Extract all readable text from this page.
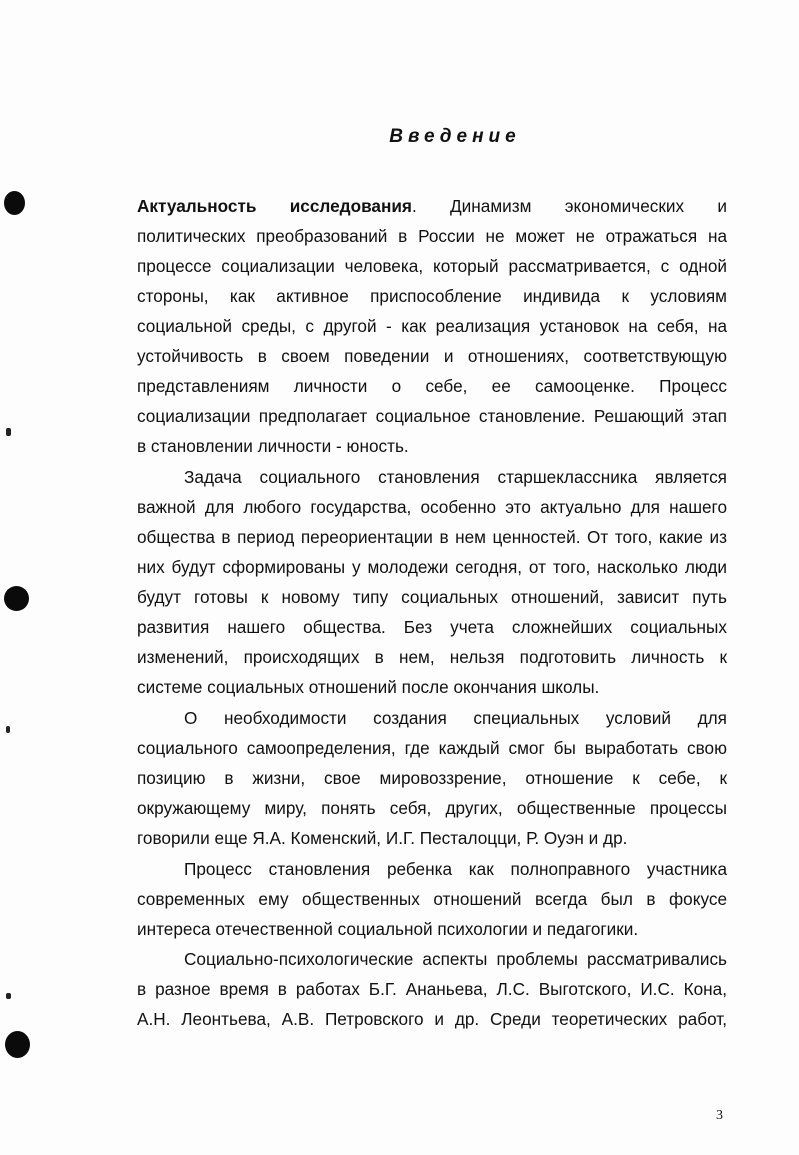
Введение
Актуальность исследования. Динамизм экономических и
политических преобразований в России не может не отражаться на
процессе социализации человека, который рассматривается, с одной
стороны, как активное приспособление индивида к условиям
социальной среды, с другой - как реализация установок на себя, на
устойчивость в своем поведении и отношениях, соответствующую
представлениям личности о себе, ее самооценке. Процесс
социализации предполагает социальное становление. Решающий этап
в становлении личности - юность.
Задача социального становления старшеклассника является
важной для любого государства, особенно это актуально для нашего
общества в период переориентации в нем ценностей. От того, какие из
них будут сформированы у молодежи сегодня, от того, насколько люди
будут готовы к новому типу социальных отношений, зависит путь
развития нашего общества. Без учета сложнейших социальных
изменений, происходящих в нем, нельзя подготовить личность к
системе социальных отношений после окончания школы.
О необходимости создания специальных условий для
социального самоопределения, где каждый смог бы выработать свою
позицию в жизни, свое мировоззрение, отношение к себе, к
окружающему миру, понять себя, других, общественные процессы
говорили еще Я.А. Коменский, И.Г. Песталоцци, Р. Оуэн и др.
Процесс становления ребенка как полноправного участника
современных ему общественных отношений всегда был в фокусе
интереса отечественной социальной психологии и педагогики.
Социально-психологические аспекты проблемы рассматривались
в разное время в работах Б.Г. Ананьева, Л.С. Выготского, И.С. Кона,
А.Н. Леонтьева, А.В. Петровского и др. Среди теоретических работ,
3
